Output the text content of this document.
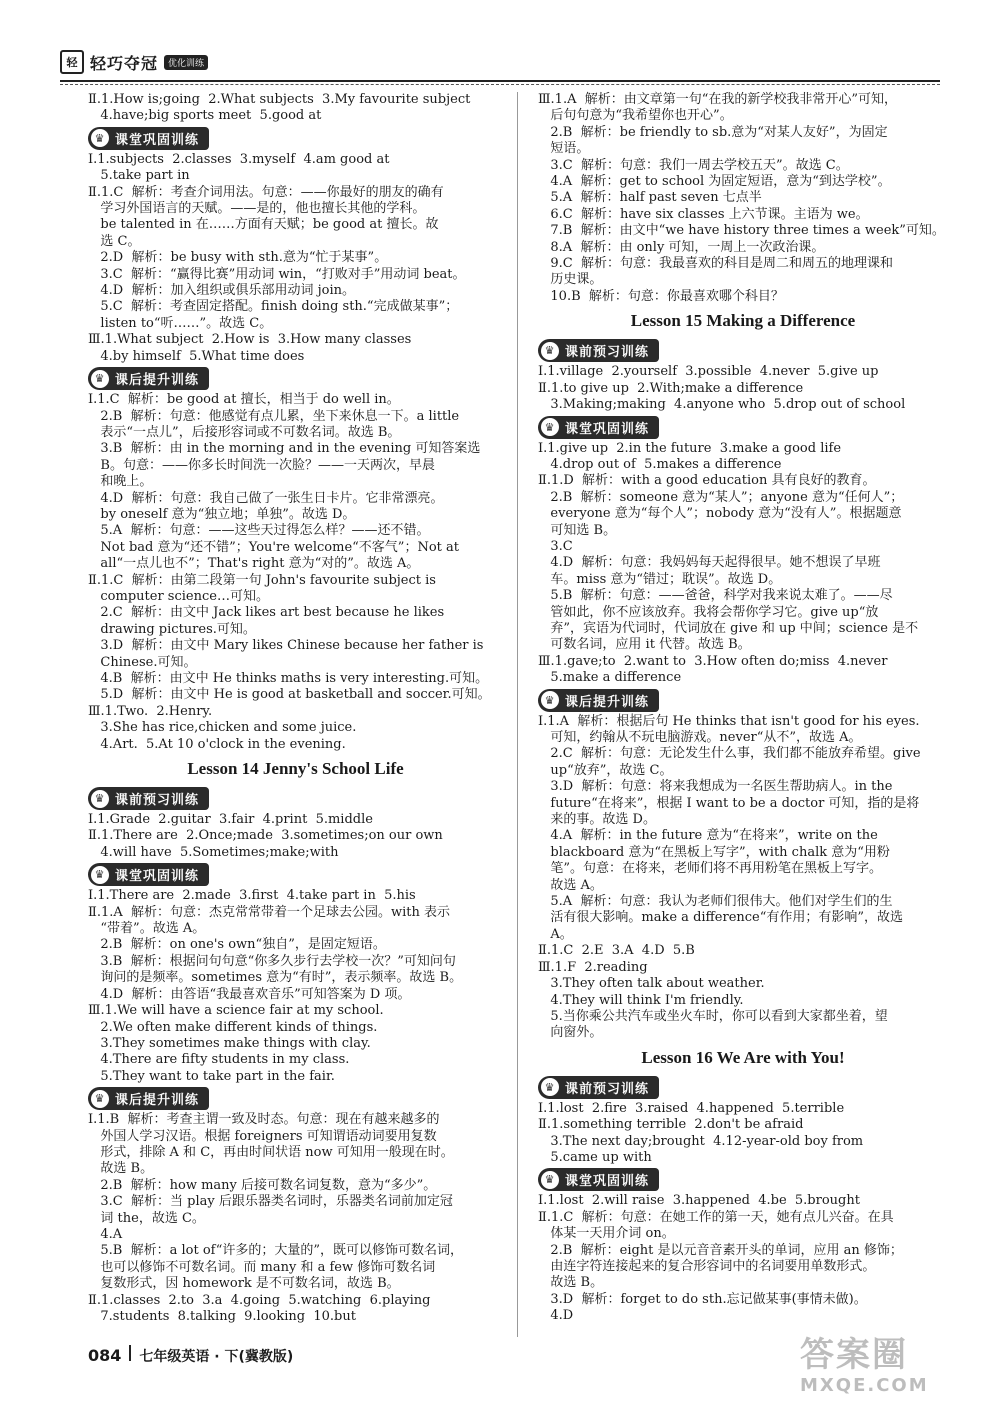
轻 轻巧夺冠	优化训练
Ⅱ.1.How is;going  2.What subjects  3.My favourite subject
4.have;big sports meet  5.good at
♛ 课堂巩固训练
Ⅰ.1.subjects  2.classes  3.myself  4.am good at
5.take part in
Ⅱ.1.C  解析：考查介词用法。句意：——你最好的朋友的确有
学习外国语言的天赋。——是的，他也擅长其他的学科。
be talented in 在……方面有天赋；be good at 擅长。故
选 C。
2.D  解析：be busy with sth.意为“忙于某事”。
3.C  解析：“赢得比赛”用动词 win，“打败对手”用动词 beat。
4.D  解析：加入组织或俱乐部用动词 join。
5.C  解析：考查固定搭配。finish doing sth.“完成做某事”；
listen to“听……”。故选 C。
Ⅲ.1.What subject  2.How is  3.How many classes
4.by himself  5.What time does
♛ 课后提升训练
Ⅰ.1.C  解析：be good at 擅长，相当于 do well in。
2.B  解析：句意：他感觉有点儿累，坐下来休息一下。a little
表示“一点儿”，后接形容词或不可数名词。故选 B。
3.B  解析：由 in the morning and in the evening 可知答案选
B。句意：——你多长时间洗一次脸？——一天两次，早晨
和晚上。
4.D  解析：句意：我自己做了一张生日卡片。它非常漂亮。
by oneself 意为“独立地；单独”。故选 D。
5.A  解析：句意：——这些天过得怎么样？——还不错。
Not bad 意为“还不错”；You're welcome“不客气”；Not at
all“一点儿也不”；That's right 意为“对的”。故选 A。
Ⅱ.1.C  解析：由第二段第一句 John's favourite subject is
computer science…可知。
2.C  解析：由文中 Jack likes art best because he likes
drawing pictures.可知。
3.D  解析：由文中 Mary likes Chinese because her father is
Chinese.可知。
4.B  解析：由文中 He thinks maths is very interesting.可知。
5.D  解析：由文中 He is good at basketball and soccer.可知。
Ⅲ.1.Two.  2.Henry.
3.She has rice,chicken and some juice.
4.Art.  5.At 10 o'clock in the evening.
Lesson 14 Jenny's School Life
♛ 课前预习训练
Ⅰ.1.Grade  2.guitar  3.fair  4.print  5.middle
Ⅱ.1.There are  2.Once;made  3.sometimes;on our own
4.will have  5.Sometimes;make;with
♛ 课堂巩固训练
Ⅰ.1.There are  2.made  3.first  4.take part in  5.his
Ⅱ.1.A  解析：句意：杰克常常带着一个足球去公园。with 表示
“带着”。故选 A。
2.B  解析：on one's own“独自”，是固定短语。
3.B  解析：根据问句句意“你多久步行去学校一次？”可知问句
询问的是频率。sometimes 意为“有时”，表示频率。故选 B。
4.D  解析：由答语“我最喜欢音乐”可知答案为 D 项。
Ⅲ.1.We will have a science fair at my school.
2.We often make different kinds of things.
3.They sometimes make things with clay.
4.There are fifty students in my class.
5.They want to take part in the fair.
♛ 课后提升训练
Ⅰ.1.B  解析：考查主谓一致及时态。句意：现在有越来越多的
外国人学习汉语。根据 foreigners 可知谓语动词要用复数
形式，排除 A 和 C，再由时间状语 now 可知用一般现在时。
故选 B。
2.B  解析：how many 后接可数名词复数，意为“多少”。
3.C  解析：当 play 后跟乐器类名词时，乐器类名词前加定冠
词 the，故选 C。
4.A
5.B  解析：a lot of“许多的；大量的”，既可以修饰可数名词，
也可以修饰不可数名词。而 many 和 a few 修饰可数名词
复数形式，因 homework 是不可数名词，故选 B。
Ⅱ.1.classes  2.to  3.a  4.going  5.watching  6.playing
7.students  8.talking  9.looking  10.but
Ⅲ.1.A  解析：由文章第一句“在我的新学校我非常开心”可知，
后句句意为“我希望你也开心”。
2.B  解析：be friendly to sb.意为“对某人友好”，为固定
短语。
3.C  解析：句意：我们一周去学校五天”。故选 C。
4.A  解析：get to school 为固定短语，意为“到达学校”。
5.A  解析：half past seven 七点半
6.C  解析：have six classes 上六节课。主语为 we。
7.B  解析：由文中“we have history three times a week”可知。
8.A  解析：由 only 可知，一周上一次政治课。
9.C  解析：句意：我最喜欢的科目是周二和周五的地理课和
历史课。
10.B  解析：句意：你最喜欢哪个科目？
Lesson 15 Making a Difference
♛ 课前预习训练
Ⅰ.1.village  2.yourself  3.possible  4.never  5.give up
Ⅱ.1.to give up  2.With;make a difference
3.Making;making  4.anyone who  5.drop out of school
♛ 课堂巩固训练
Ⅰ.1.give up  2.in the future  3.make a good life
4.drop out of  5.makes a difference
Ⅱ.1.D  解析：with a good education 具有良好的教育。
2.B  解析：someone 意为“某人”；anyone 意为“任何人”；
everyone 意为“每个人”；nobody 意为“没有人”。根据题意
可知选 B。
3.C
4.D  解析：句意：我妈妈每天起得很早。她不想误了早班
车。miss 意为“错过；耽误”。故选 D。
5.B  解析：句意：——爸爸，科学对我来说太难了。——尽
管如此，你不应该放弃。我将会帮你学习它。give up“放
弃”，宾语为代词时，代词放在 give 和 up 中间；science 是不
可数名词，应用 it 代替。故选 B。
Ⅲ.1.gave;to  2.want to  3.How often do;miss  4.never
5.make a difference
♛ 课后提升训练
Ⅰ.1.A  解析：根据后句 He thinks that isn't good for his eyes.
可知，约翰从不玩电脑游戏。never“从不”，故选 A。
2.C  解析：句意：无论发生什么事，我们都不能放弃希望。give
up“放弃”，故选 C。
3.D  解析：句意：将来我想成为一名医生帮助病人。in the
future“在将来”，根据 I want to be a doctor 可知，指的是将
来的事。故选 D。
4.A  解析：in the future 意为“在将来”，write on the
blackboard 意为“在黑板上写字”，with chalk 意为“用粉
笔”。句意：在将来，老师们将不再用粉笔在黑板上写字。
故选 A。
5.A  解析：句意：我认为老师们很伟大。他们对学生们的生
活有很大影响。make a difference“有作用；有影响”，故选
A。
Ⅱ.1.C  2.E  3.A  4.D  5.B
Ⅲ.1.F  2.reading
3.They often talk about weather.
4.They will think I'm friendly.
5.当你乘公共汽车或坐火车时，你可以看到大家都坐着，望
向窗外。
Lesson 16 We Are with You!
♛ 课前预习训练
Ⅰ.1.lost  2.fire  3.raised  4.happened  5.terrible
Ⅱ.1.something terrible  2.don't be afraid
3.The next day;brought  4.12-year-old boy from
5.came up with
♛ 课堂巩固训练
Ⅰ.1.lost  2.will raise  3.happened  4.be  5.brought
Ⅱ.1.C  解析：句意：在她工作的第一天，她有点儿兴奋。在具
体某一天用介词 on。
2.B  解析：eight 是以元音音素开头的单词，应用 an 修饰；
由连字符连接起来的复合形容词中的名词要用单数形式。
故选 B。
3.D  解析：forget to do sth.忘记做某事(事情未做)。
4.D
084 七年级英语 · 下(冀教版)	答案圈
MXQE.COM
